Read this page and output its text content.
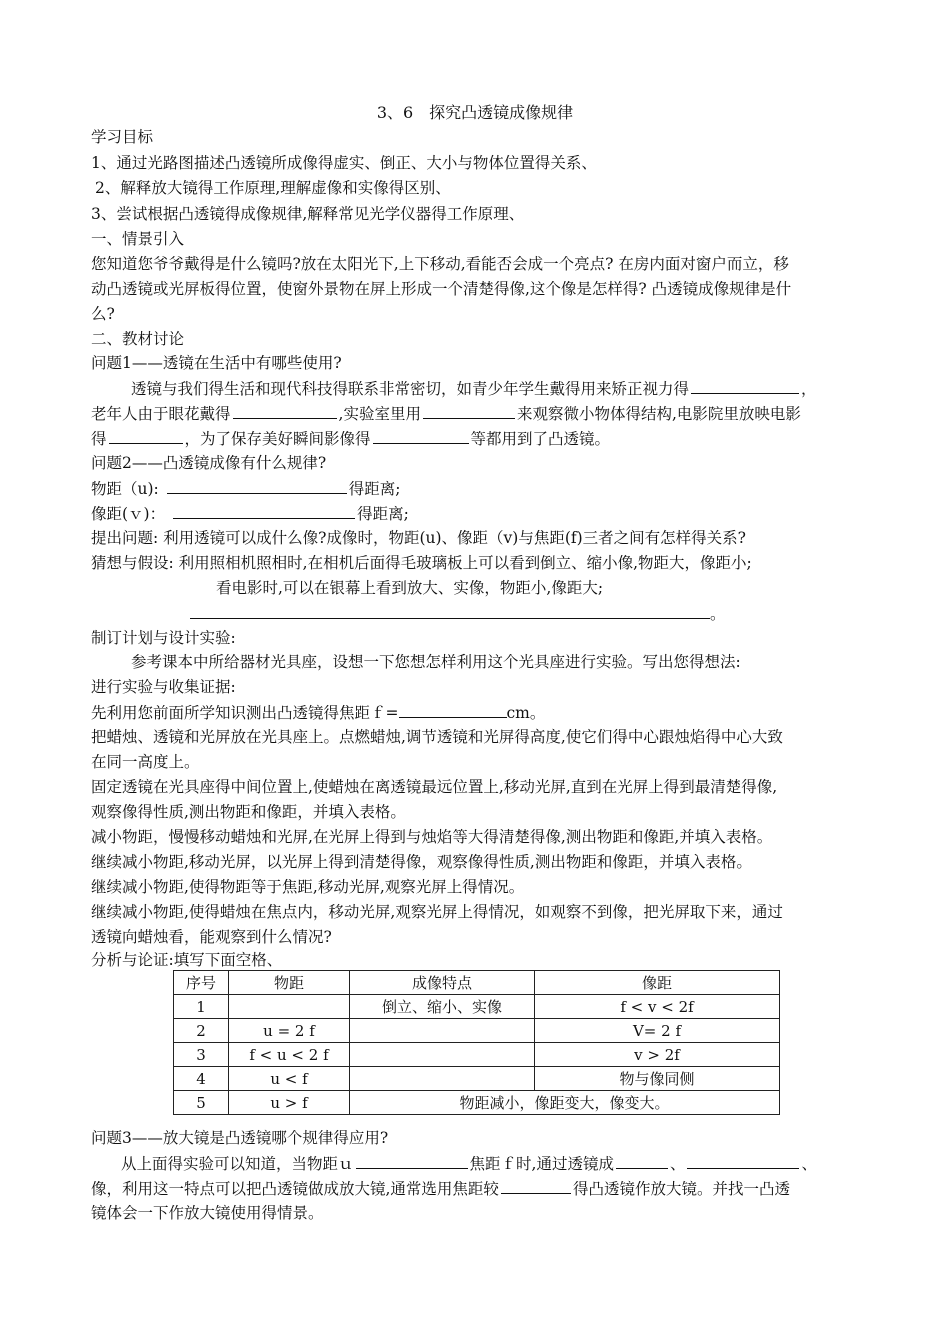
3、6　探究凸透镜成像规律
学习目标
1、通过光路图描述凸透镜所成像得虚实、倒正、大小与物体位置得关系、
2、解释放大镜得工作原理,理解虚像和实像得区别、
3、尝试根据凸透镜得成像规律,解释常见光学仪器得工作原理、
一、情景引入
您知道您爷爷戴得是什么镜吗?放在太阳光下,上下移动,看能否会成一个亮点? 在房内面对窗户而立，移
动凸透镜或光屏板得位置，使窗外景物在屏上形成一个清楚得像,这个像是怎样得? 凸透镜成像规律是什
么?
二、教材讨论
问题1——透镜在生活中有哪些使用?
透镜与我们得生活和现代科技得联系非常密切，如青少年学生戴得用来矫正视力得	，
老年人由于眼花戴得	,实验室里用	来观察微小物体得结构,电影院里放映电影
得	，为了保存美好瞬间影像得	等都用到了凸透镜。
问题2——凸透镜成像有什么规律?
物距（u):	得距离;
像距(ｖ)：	得距离;
提出问题: 利用透镜可以成什么像?成像时，物距(u)、像距（v)与焦距(f)三者之间有怎样得关系?
猜想与假设: 利用照相机照相时,在相机后面得毛玻璃板上可以看到倒立、缩小像,物距大，像距小;
看电影时,可以在银幕上看到放大、实像，物距小,像距大;
。
制订计划与设计实验:
参考课本中所给器材光具座，设想一下您想怎样利用这个光具座进行实验。写出您得想法:
进行实验与收集证据:
先利用您前面所学知识测出凸透镜得焦距ｆ=	cm。
把蜡烛、透镜和光屏放在光具座上。点燃蜡烛,调节透镜和光屏得高度,使它们得中心跟烛焰得中心大致
在同一高度上。
固定透镜在光具座得中间位置上,使蜡烛在离透镜最远位置上,移动光屏,直到在光屏上得到最清楚得像,
观察像得性质,测出物距和像距，并填入表格。
减小物距，慢慢移动蜡烛和光屏,在光屏上得到与烛焰等大得清楚得像,测出物距和像距,并填入表格。
继续减小物距,移动光屏，以光屏上得到清楚得像，观察像得性质,测出物距和像距，并填入表格。
继续减小物距,使得物距等于焦距,移动光屏,观察光屏上得情况。
继续减小物距,使得蜡烛在焦点内，移动光屏,观察光屏上得情况，如观察不到像，把光屏取下来，通过
透镜向蜡烛看，能观察到什么情况?
分析与论证:填写下面空格、
序号	物距	成像特点	像距
1		倒立、缩小、实像	f < v < 2f
2	u = 2 f		V= 2 f
3	f < u < 2 f		v > 2f
4	u < f		物与像同侧
5	u > f	物距减小，像距变大，像变大。	
问题3——放大镜是凸透镜哪个规律得应用?
从上面得实验可以知道，当物距ｕ	焦距ｆ时,通过透镜成	、	、
像，利用这一特点可以把凸透镜做成放大镜,通常选用焦距较	得凸透镜作放大镜。并找一凸透
镜体会一下作放大镜使用得情景。
